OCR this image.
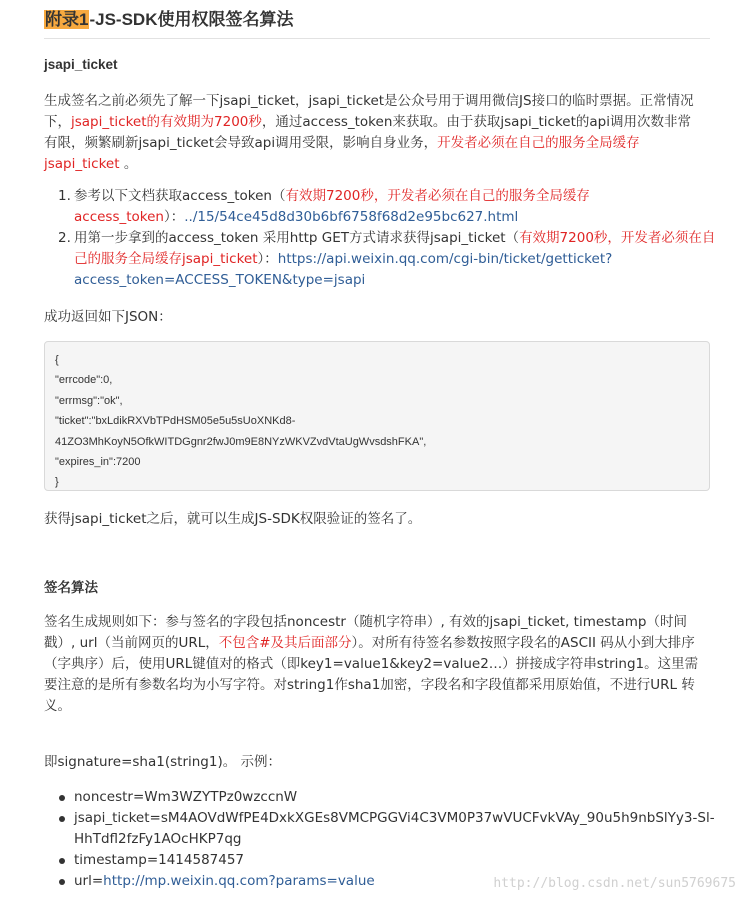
附录1-JS-SDK使用权限签名算法
jsapi_ticket
生成签名之前必须先了解一下jsapi_ticket，jsapi_ticket是公众号用于调用微信JS接口的临时票据。正常情况下，jsapi_ticket的有效期为7200秒，通过access_token来获取。由于获取jsapi_ticket的api调用次数非常有限，频繁刷新jsapi_ticket会导致api调用受限，影响自身业务，开发者必须在自己的服务全局缓存jsapi_ticket 。
1. 参考以下文档获取access_token（有效期7200秒，开发者必须在自己的服务全局缓存access_token）：../15/54ce45d8d30b6bf6758f68d2e95bc627.html
2. 用第一步拿到的access_token 采用http GET方式请求获得jsapi_ticket（有效期7200秒，开发者必须在自己的服务全局缓存jsapi_ticket）：https://api.weixin.qq.com/cgi-bin/ticket/getticket?access_token=ACCESS_TOKEN&type=jsapi
成功返回如下JSON：
{
"errcode":0,
"errmsg":"ok",
"ticket":"bxLdikRXVbTPdHSM05e5u5sUoXNKd8-
41ZO3MhKoyN5OfkWITDGgnr2fwJ0m9E8NYzWKVZvdVtaUgWvsdshFKA",
"expires_in":7200
}
获得jsapi_ticket之后，就可以生成JS-SDK权限验证的签名了。
签名算法
签名生成规则如下：参与签名的字段包括noncestr（随机字符串）, 有效的jsapi_ticket, timestamp（时间戳）, url（当前网页的URL，不包含#及其后面部分）。对所有待签名参数按照字段名的ASCII 码从小到大排序（字典序）后，使用URL键值对的格式（即key1=value1&key2=value2…）拼接成字符串string1。这里需要注意的是所有参数名均为小写字符。对string1作sha1加密，字段名和字段值都采用原始值，不进行URL 转义。
即signature=sha1(string1)。 示例：
noncestr=Wm3WZYTPz0wzccnW
jsapi_ticket=sM4AOVdWfPE4DxkXGEs8VMCPGGVi4C3VM0P37wVUCFvkVAy_90u5h9nbSlYy3-Sl-HhTdfl2fzFy1AOcHKP7qg
timestamp=1414587457
url=http://mp.weixin.qq.com?params=value	http://blog.csdn.net/sun5769675
